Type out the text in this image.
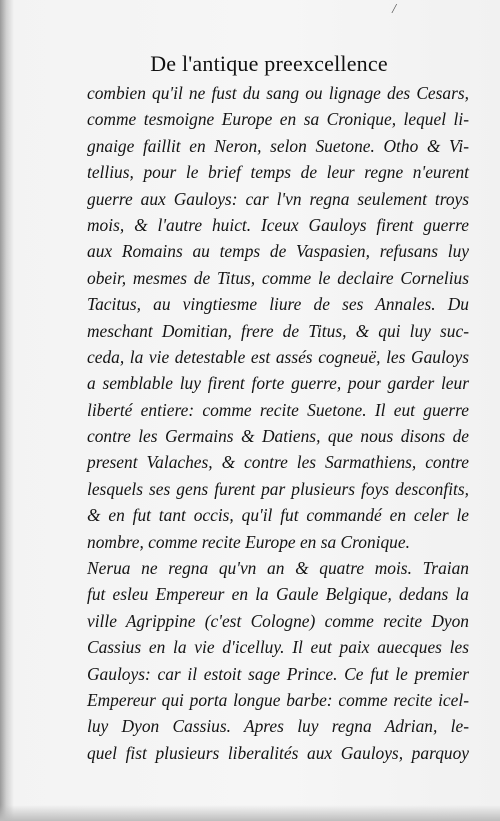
/
De l'antique preexcellence
combien qu'il ne fust du sang ou lignage des Cesars,
comme tesmoigne Europe en sa Cronique, lequel li-
gnaige faillit en Neron, selon Suetone. Otho & Vi-
tellius, pour le brief temps de leur regne n'eurent
guerre aux Gauloys: car l'vn regna seulement troys
mois, & l'autre huict. Iceux Gauloys firent guerre
aux Romains au temps de Vaspasien, refusans luy
obeir, mesmes de Titus, comme le declaire Cornelius
Tacitus, au vingtiesme liure de ses Annales. Du
meschant Domitian, frere de Titus, & qui luy suc-
ceda, la vie detestable est assés cogneuë, les Gauloys
a semblable luy firent forte guerre, pour garder leur
liberté entiere: comme recite Suetone. Il eut guerre
contre les Germains & Datiens, que nous disons de
present Valaches, & contre les Sarmathiens, contre
lesquels ses gens furent par plusieurs foys desconfits,
& en fut tant occis, qu'il fut commandé en celer le
nombre, comme recite Europe en sa Cronique.
Nerua ne regna qu'vn an & quatre mois. Traian
fut esleu Empereur en la Gaule Belgique, dedans la
ville Agrippine (c'est Cologne) comme recite Dyon
Cassius en la vie d'icelluy. Il eut paix auecques les
Gauloys: car il estoit sage Prince. Ce fut le premier
Empereur qui porta longue barbe: comme recite icel-
luy Dyon Cassius. Apres luy regna Adrian, le-
quel fist plusieurs liberalités aux Gauloys, parquoy
